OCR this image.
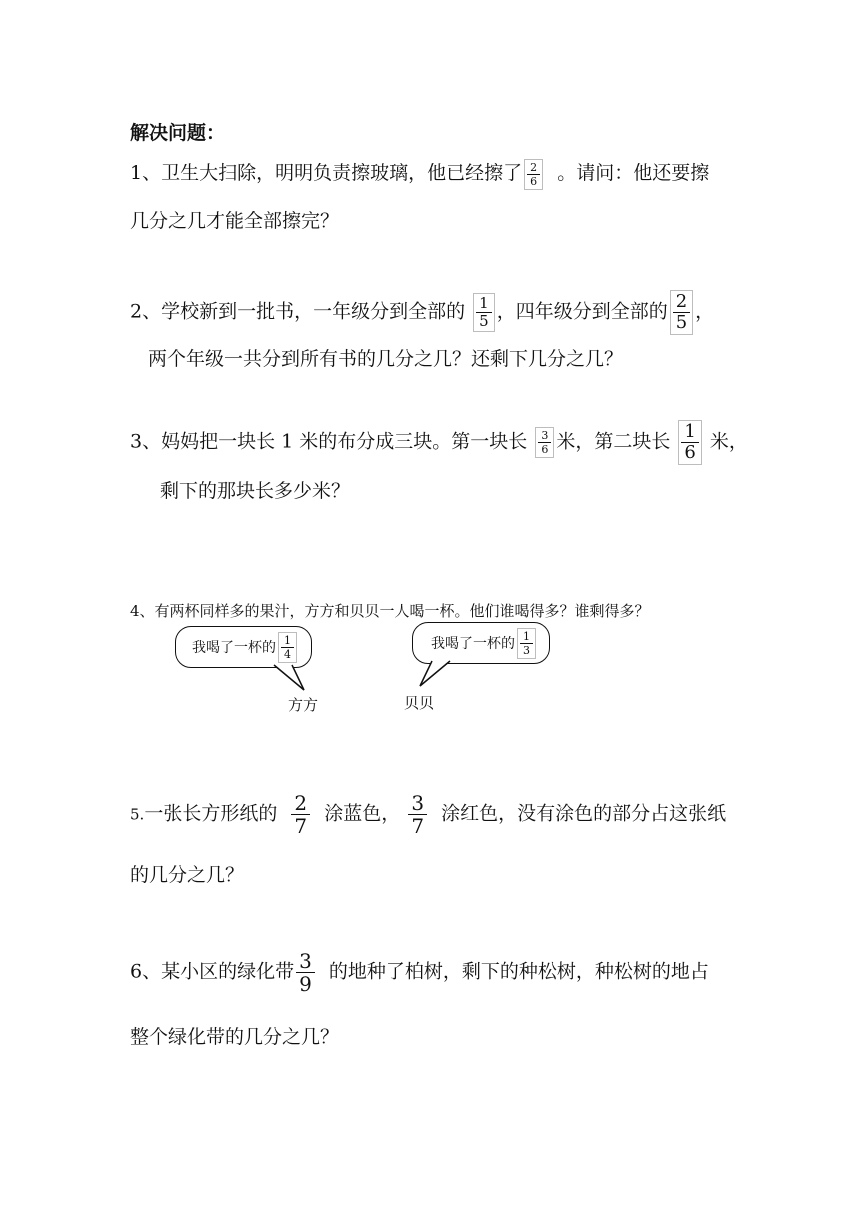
解决问题：
1、卫生大扫除，明明负责擦玻璃，他已经擦了 $\frac{2}{6}$ 。请问：他还要擦
几分之几才能全部擦完？
2、学校新到一批书，一年级分到全部的 $\frac{1}{5}$ ，四年级分到全部的 $\frac{2}{5}$ ，
两个年级一共分到所有书的几分之几？还剩下几分之几？
3、妈妈把一块长 1 米的布分成三块。第一块长 $\frac{3}{6}$ 米，第二块长 $\frac{1}{6}$ 米，
剩下的那块长多少米？
4、有两杯同样多的果汁，方方和贝贝一人喝一杯。他们谁喝得多？谁剩得多？
我喝了一杯的 $\frac{1}{4}$	我喝了一杯的 $\frac{1}{3}$
方方	贝贝
5.一张长方形纸的 $\frac{2}{7}$ 涂蓝色， $\frac{3}{7}$ 涂红色，没有涂色的部分占这张纸
的几分之几？
6、某小区的绿化带 $\frac{3}{9}$ 的地种了柏树，剩下的种松树，种松树的地占
整个绿化带的几分之几？
